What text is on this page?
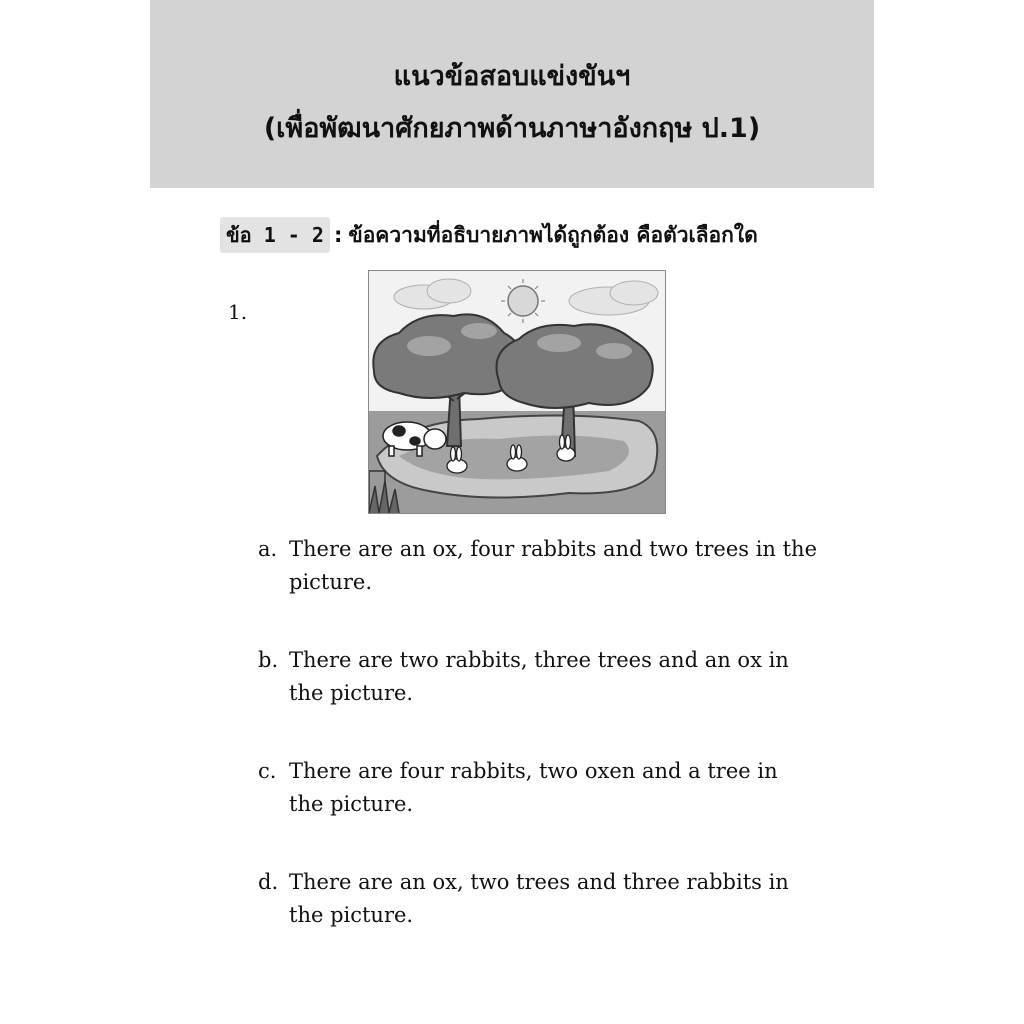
แนวข้อสอบแข่งขันฯ
(เพื่อพัฒนาศักยภาพด้านภาษาอังกฤษ ป.1)
ข้อ 1 - 2 : ข้อความที่อธิบายภาพได้ถูกต้อง คือตัวเลือกใด
1.
a. There are an ox, four rabbits and two trees in the picture.
b. There are two rabbits, three trees and an ox in the picture.
c. There are four rabbits, two oxen and a tree in the picture.
d. There are an ox, two trees and three rabbits in the picture.
